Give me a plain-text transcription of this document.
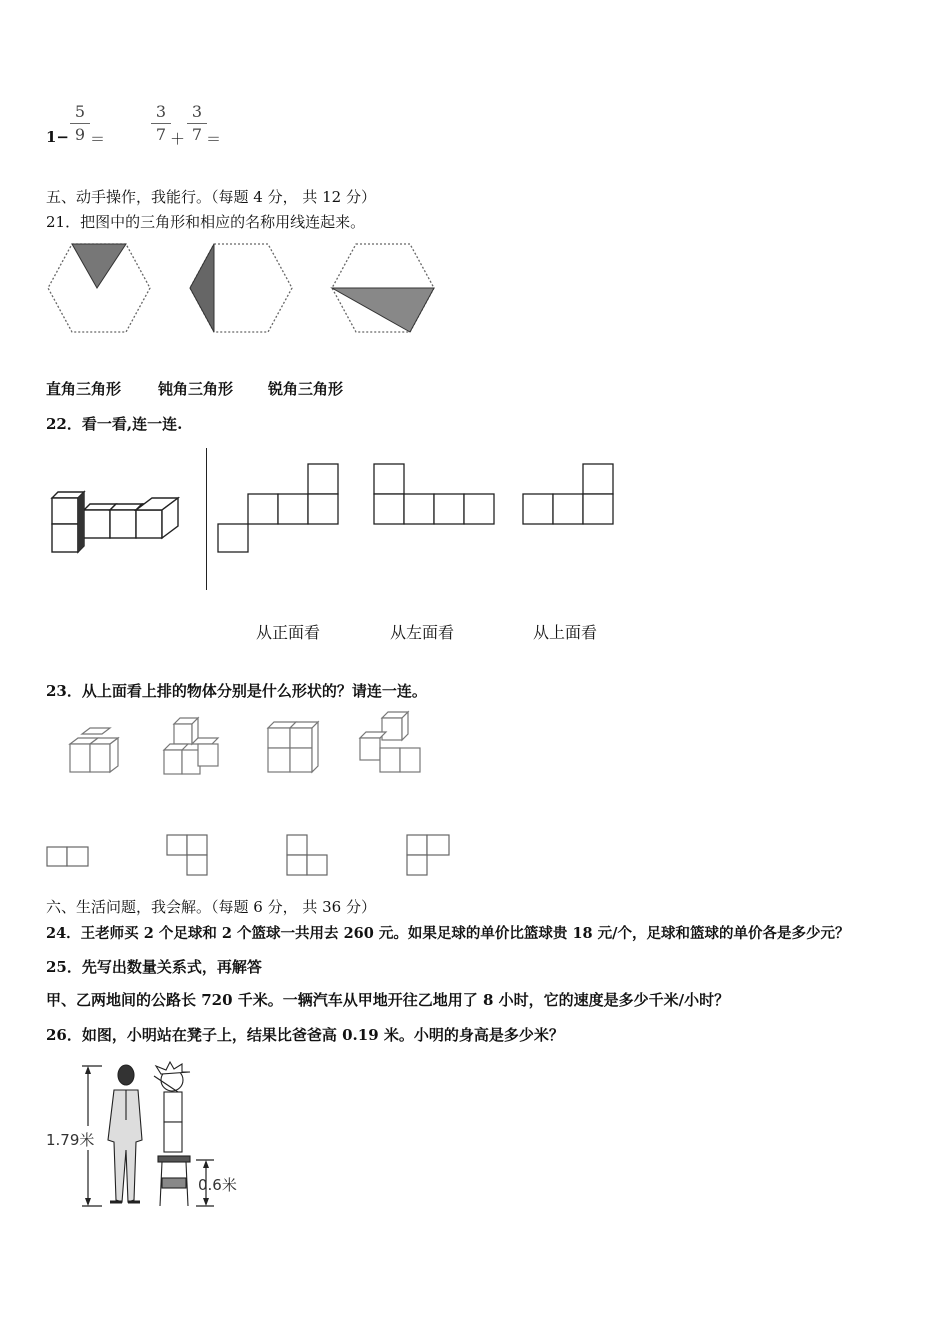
1−
5
9 ＝
3
7 ＋
3
7 ＝
五、动手操作，我能行。（每题 4 分， 共 12 分）
21．把图中的三角形和相应的名称用线连起来。
直角三角形 钝角三角形 锐角三角形
22．看一看,连一连.
从正面看	从左面看	从上面看
23．从上面看上排的物体分别是什么形状的？请连一连。
六、生活问题，我会解。（每题 6 分， 共 36 分）
24．王老师买 2 个足球和 2 个篮球一共用去 260 元。如果足球的单价比篮球贵 18 元/个，足球和篮球的单价各是多少元？
25．先写出数量关系式，再解答
甲、乙两地间的公路长 720 千米。一辆汽车从甲地开往乙地用了 8 小时，它的速度是多少千米/小时？
26．如图，小明站在凳子上，结果比爸爸高 0.19 米。小明的身高是多少米？
1.79米
0.6米
